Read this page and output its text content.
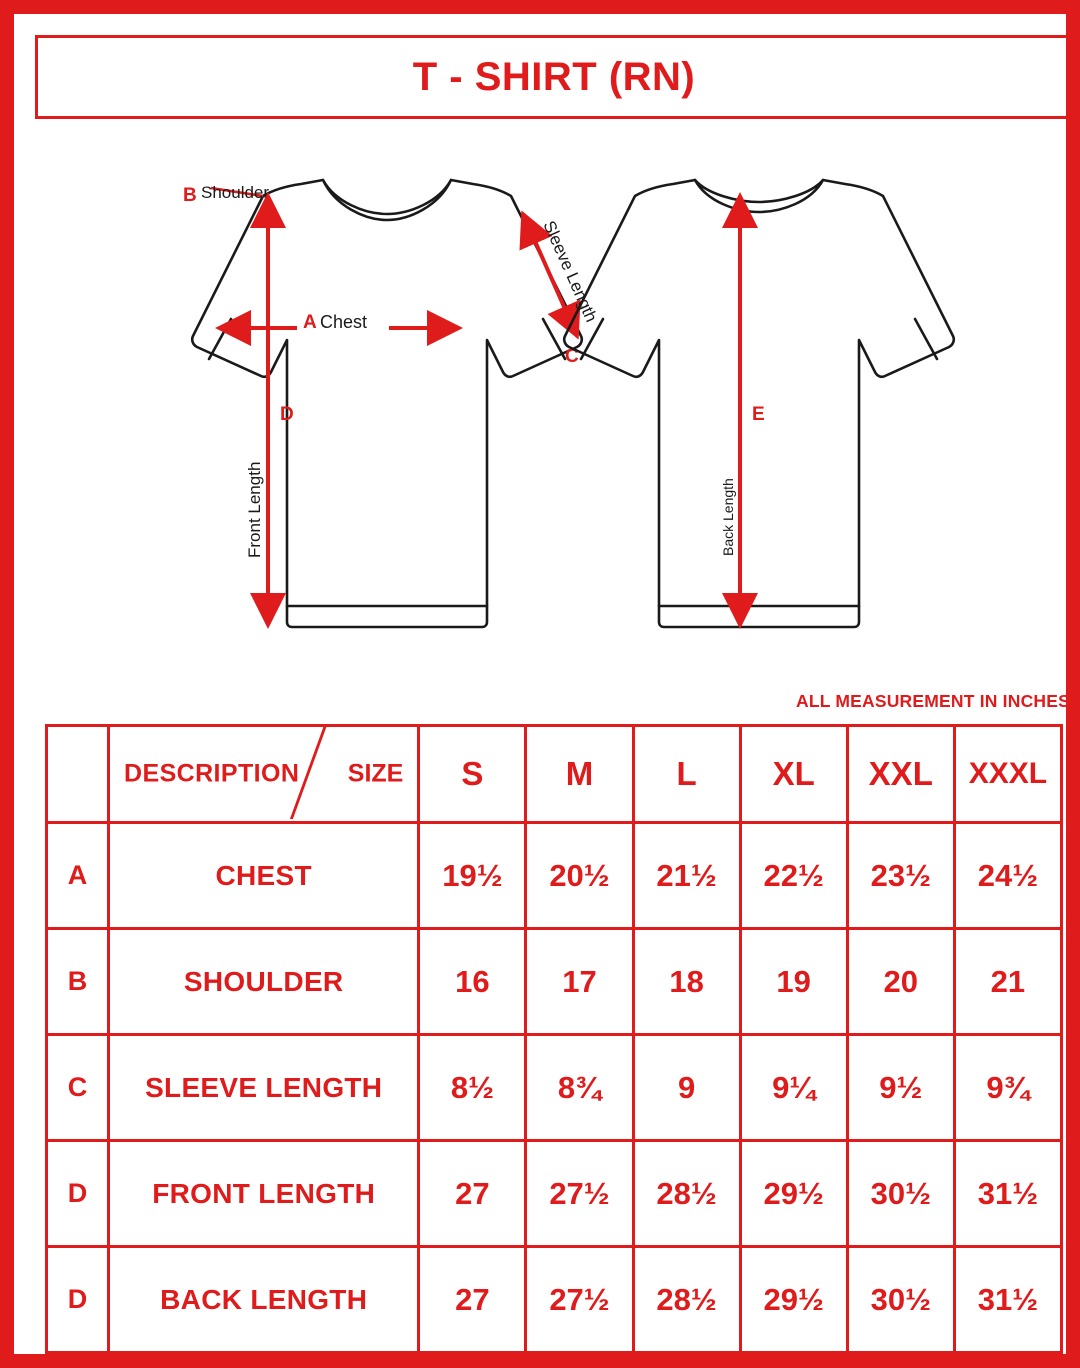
T - SHIRT (RN)
B Shoulder
A Chest	Sleeve Length
C
Front Length
D
Back Length
E
ALL MEASUREMENT IN INCHES

	DESCRIPTION SIZE	S	M	L	XL	XXL	XXXL
A	CHEST	19½	20½	21½	22½	23½	24½
B	SHOULDER	16	17	18	19	20	21
C	SLEEVE LENGTH	8½	8¾	9	9¼	9½	9¾
D	FRONT LENGTH	27	27½	28½	29½	30½	31½
D	BACK LENGTH	27	27½	28½	29½	30½	31½
